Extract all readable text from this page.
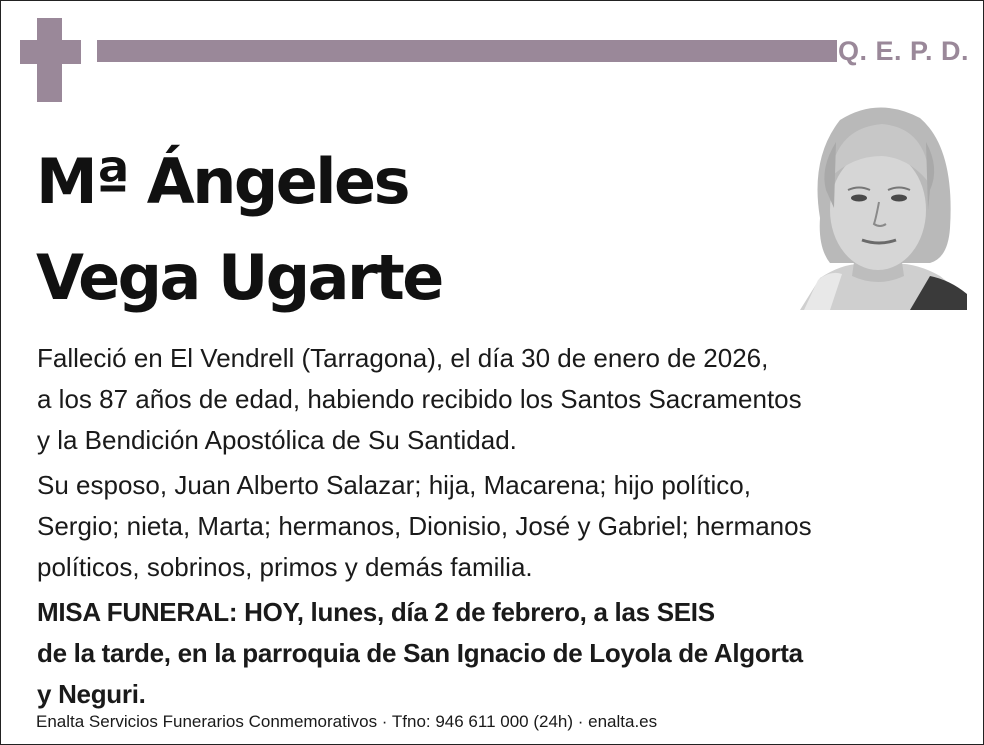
Q. E. P. D.
Mª Ángeles
Vega Ugarte

Falleció en El Vendrell (Tarragona), el día 30 de enero de 2026,
a los 87 años de edad, habiendo recibido los Santos Sacramentos
y la Bendición Apostólica de Su Santidad.

Su esposo, Juan Alberto Salazar; hija, Macarena; hijo político,
Sergio; nieta, Marta; hermanos, Dionisio, José y Gabriel; hermanos
políticos, sobrinos, primos y demás familia.

MISA FUNERAL: HOY, lunes, día 2 de febrero, a las SEIS
de la tarde, en la parroquia de San Ignacio de Loyola de Algorta
y Neguri.

Enalta Servicios Funerarios Conmemorativos · Tfno: 946 611 000 (24h) · enalta.es
